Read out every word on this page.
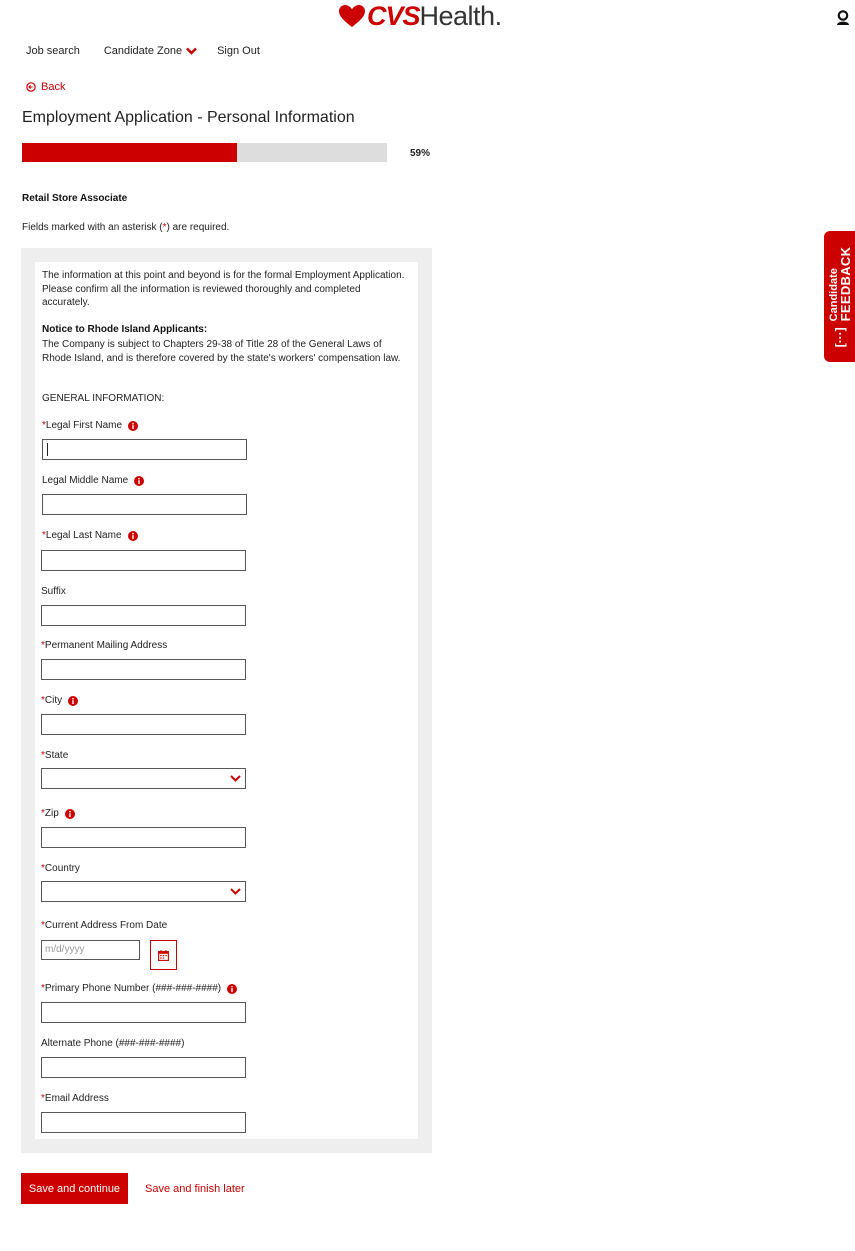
CVS Health .
Job search Candidate Zone	Sign Out
Back
Employment Application - Personal Information
59%
Retail Store Associate
Fields marked with an asterisk (*) are required.
The information at this point and beyond is for the formal Employment Application. Please confirm all the information is reviewed thoroughly and completed accurately.
Notice to Rhode Island Applicants:
The Company is subject to Chapters 29-38 of Title 28 of the General Laws of Rhode Island, and is therefore covered by the state's workers' compensation law.
GENERAL INFORMATION:
* Legal First Name
Legal Middle Name
* Legal Last Name
Suffix
* Permanent Mailing Address
* City
* State
* Zip
* Country
* Current Address From Date
m/d/yyyy
* Primary Phone Number (###-###-####)
Alternate Phone (###-###-####)
* Email Address
Save and continue	Save and finish later
[···]
Candidate
FEEDBACK
